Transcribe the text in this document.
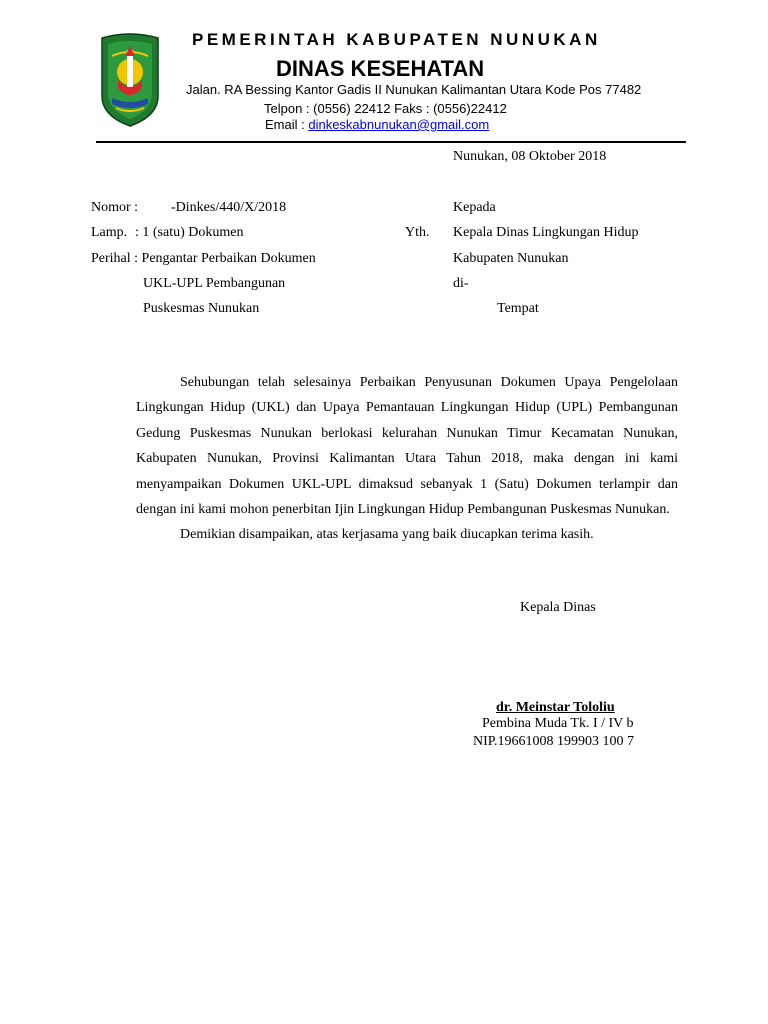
PEMERINTAH KABUPATEN NUNUKAN
DINAS KESEHATAN
Jalan. RA Bessing Kantor Gadis II Nunukan Kalimantan Utara Kode Pos 77482
Telpon : (0556) 22412 Faks : (0556)22412
Email : dinkeskabnunukan@gmail.com
Nunukan, 08 Oktober 2018
Nomor : -Dinkes/440/X/2018
Lamp. : 1 (satu) Dokumen
Perihal : Pengantar Perbaikan Dokumen
UKL-UPL Pembangunan
Puskesmas Nunukan
Kepada
Yth. Kepala Dinas Lingkungan Hidup
Kabupaten Nunukan
di-
Tempat

Sehubungan telah selesainya Perbaikan Penyusunan Dokumen Upaya Pengelolaan Lingkungan Hidup (UKL) dan Upaya Pemantauan Lingkungan Hidup (UPL) Pembangunan Gedung Puskesmas Nunukan berlokasi kelurahan Nunukan Timur Kecamatan Nunukan, Kabupaten Nunukan, Provinsi Kalimantan Utara Tahun 2018, maka dengan ini kami menyampaikan Dokumen UKL-UPL dimaksud sebanyak 1 (Satu) Dokumen terlampir dan dengan ini kami mohon penerbitan Ijin Lingkungan Hidup Pembangunan Puskesmas Nunukan.

Demikian disampaikan, atas kerjasama yang baik diucapkan terima kasih.

Kepala Dinas
dr. Meinstar Tololiu
Pembina Muda Tk. I / IV b
NIP.19661008 199903 100 7
